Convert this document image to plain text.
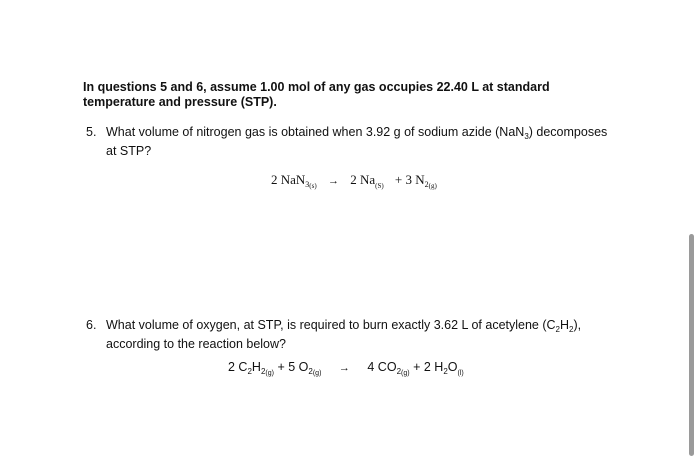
In questions 5 and 6, assume 1.00 mol of any gas occupies 22.40 L at standard
temperature and pressure (STP).
5. What volume of nitrogen gas is obtained when 3.92 g of sodium azide (NaN$_3$) decomposes
at STP?
2 NaN$_{3(s)}$ → 2 $Na_{(S)} + 3$ $N_{2(g)}$
6. What volume of oxygen, at STP, is required to burn exactly 3.62 L of acetylene $(C_2H_2)$,
according to the reaction below?
2 $C_2H_{2(g)} + 5$ $O_{2(g)} \to 4$ $CO_{2(g)} + 2$ $H_2O_{(l)}$
